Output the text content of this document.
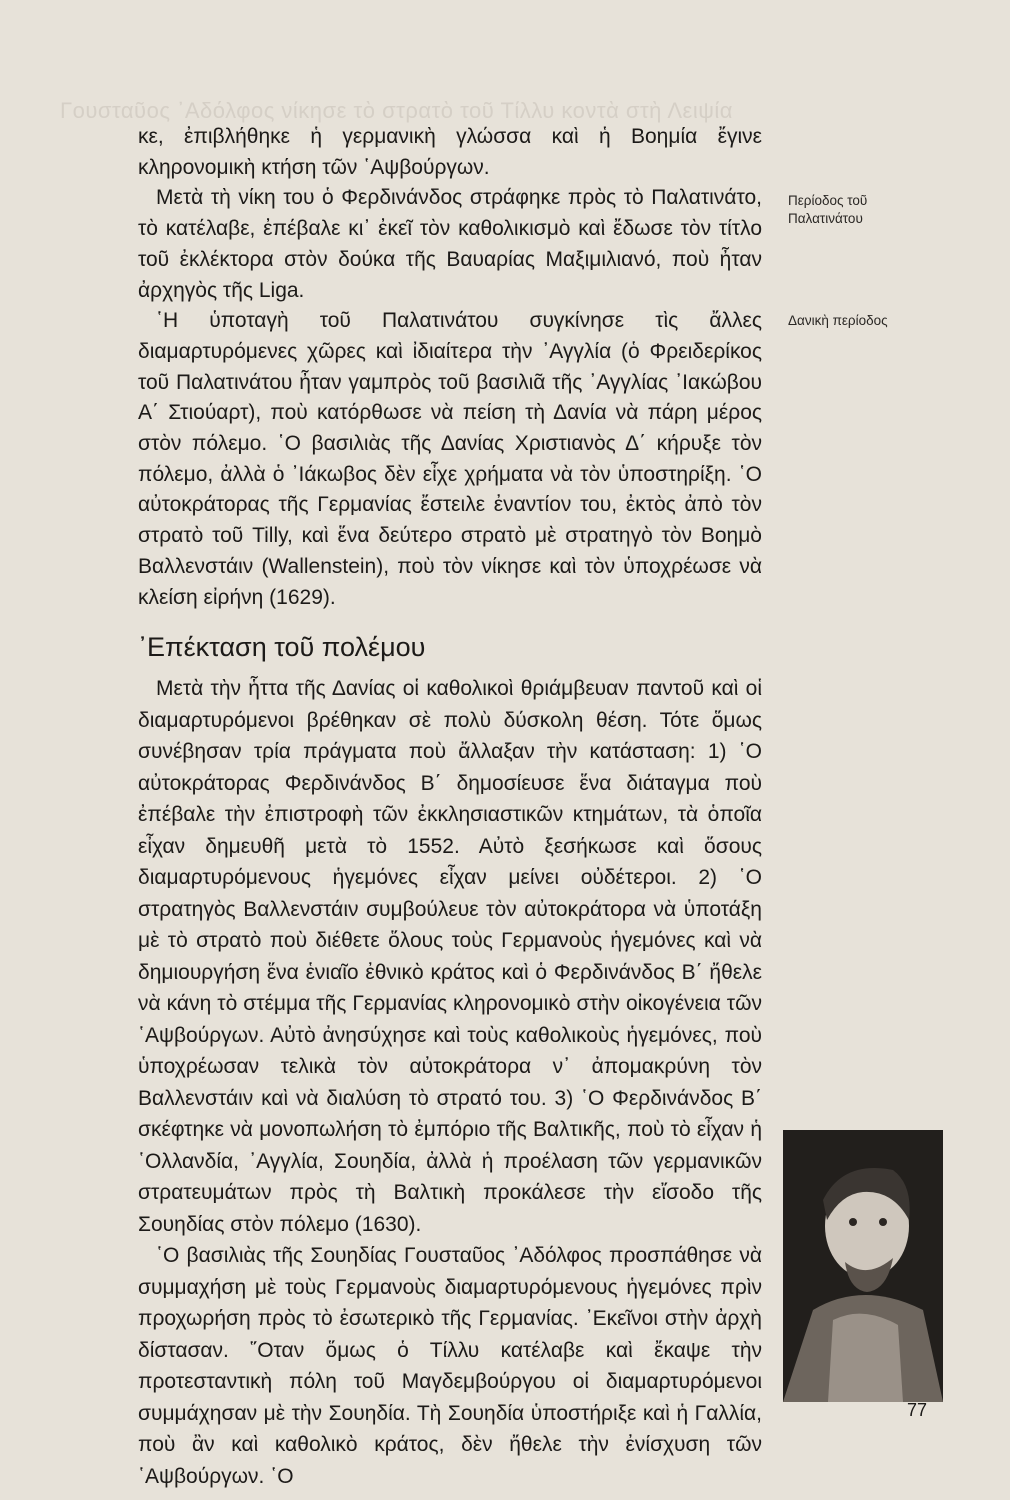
Γουσταῦος ᾿Αδόλφος νίκησε τὸ στρατὸ τοῦ Τίλλυ κοντὰ στὴ Λειψία

κε, ἐπιβλήθηκε ἡ γερμανικὴ γλώσσα καὶ ἡ Βοημία ἔγινε κληρονομικὴ κτήση τῶν ῾Αψβούργων.

Μετὰ τὴ νίκη του ὁ Φερδινάνδος στράφηκε πρὸς τὸ Παλατινάτο, τὸ κατέλαβε, ἐπέβαλε κι᾿ ἐκεῖ τὸν καθολικισμὸ καὶ ἔδωσε τὸν τίτλο τοῦ ἐκλέκτορα στὸν δούκα τῆς Βαυαρίας Μαξιμιλιανό, ποὺ ἦταν ἀρχηγὸς τῆς Liga.

῾Η ὑποταγὴ τοῦ Παλατινάτου συγκίνησε τὶς ἄλλες διαμαρτυρόμενες χῶρες καὶ ἰδιαίτερα τὴν ᾿Αγγλία (ὁ Φρειδερίκος τοῦ Παλατινάτου ἦταν γαμπρὸς τοῦ βασιλιᾶ τῆς ᾿Αγγλίας ᾿Ιακώβου Α΄ Στιούαρτ), ποὺ κατόρθωσε νὰ πείση τὴ Δανία νὰ πάρη μέρος στὸν πόλεμο. ῾Ο βασιλιὰς τῆς Δανίας Χριστιανὸς Δ΄ κήρυξε τὸν πόλεμο, ἀλλὰ ὁ ᾿Ιάκωβος δὲν εἶχε χρήματα νὰ τὸν ὑποστηρίξη. ῾Ο αὐτοκράτορας τῆς Γερμανίας ἔστειλε ἐναντίον του, ἐκτὸς ἀπὸ τὸν στρατὸ τοῦ Tilly, καὶ ἕνα δεύτερο στρατὸ μὲ στρατηγὸ τὸν Βοημὸ Βαλλενστάιν (Wallenstein), ποὺ τὸν νίκησε καὶ τὸν ὑποχρέωσε νὰ κλείση εἰρήνη (1629).

Περίοδος τοῦ Παλατινάτου
Δανικὴ περίοδος
᾿Επέκταση τοῦ πολέμου

Μετὰ τὴν ἧττα τῆς Δανίας οἱ καθολικοὶ θριάμβευαν παντοῦ καὶ οἱ διαμαρτυρόμενοι βρέθηκαν σὲ πολὺ δύσκολη θέση. Τότε ὅμως συνέβησαν τρία πράγματα ποὺ ἄλλαξαν τὴν κατάσταση: 1) ῾Ο αὐτοκράτορας Φερδινάνδος Β΄ δημοσίευσε ἕνα διάταγμα ποὺ ἐπέβαλε τὴν ἐπιστροφὴ τῶν ἐκκλησιαστικῶν κτημάτων, τὰ ὁποῖα εἶχαν δημευθῆ μετὰ τὸ 1552. Αὐτὸ ξεσήκωσε καὶ ὅσους διαμαρτυρόμενους ἡγεμόνες εἶχαν μείνει οὐδέτεροι. 2) ῾Ο στρατηγὸς Βαλλενστάιν συμβούλευε τὸν αὐτοκράτορα νὰ ὑποτάξη μὲ τὸ στρατὸ ποὺ διέθετε ὅλους τοὺς Γερμανοὺς ἡγεμόνες καὶ νὰ δημιουργήση ἕνα ἑνιαῖο ἐθνικὸ κράτος καὶ ὁ Φερδινάνδος Β΄ ἤθελε νὰ κάνη τὸ στέμμα τῆς Γερμανίας κληρονομικὸ στὴν οἰκογένεια τῶν ῾Αψβούργων. Αὐτὸ ἀνησύχησε καὶ τοὺς καθολικοὺς ἡγεμόνες, ποὺ ὑποχρέωσαν τελικὰ τὸν αὐτοκράτορα ν᾿ ἀπομακρύνη τὸν Βαλλενστάιν καὶ νὰ διαλύση τὸ στρατό του. 3) ῾Ο Φερδινάνδος Β΄ σκέφτηκε νὰ μονοπωλήση τὸ ἐμπόριο τῆς Βαλτικῆς, ποὺ τὸ εἶχαν ἡ ῾Ολλανδία, ᾿Αγγλία, Σουηδία, ἀλλὰ ἡ προέλαση τῶν γερμανικῶν στρατευμάτων πρὸς τὴ Βαλτικὴ προκάλεσε τὴν εἴσοδο τῆς Σουηδίας στὸν πόλεμο (1630).

῾Ο βασιλιὰς τῆς Σουηδίας Γουσταῦος ᾿Αδόλφος προσπάθησε νὰ συμμαχήση μὲ τοὺς Γερμανοὺς διαμαρτυρόμενους ἡγεμόνες πρὶν προχωρήση πρὸς τὸ ἐσωτερικὸ τῆς Γερμανίας. ᾿Εκεῖνοι στὴν ἀρχὴ δίστασαν. ῞Οταν ὅμως ὁ Τίλλυ κατέλαβε καὶ ἔκαψε τὴν προτεσταντικὴ πόλη τοῦ Μαγδεμβούργου οἱ διαμαρτυρόμενοι συμμάχησαν μὲ τὴν Σουηδία. Τὴ Σουηδία ὑποστήριξε καὶ ἡ Γαλλία, ποὺ ἂν καὶ καθολικὸ κράτος, δὲν ἤθελε τὴν ἐνίσχυση τῶν ῾Αψβούργων. ῾Ο

77
